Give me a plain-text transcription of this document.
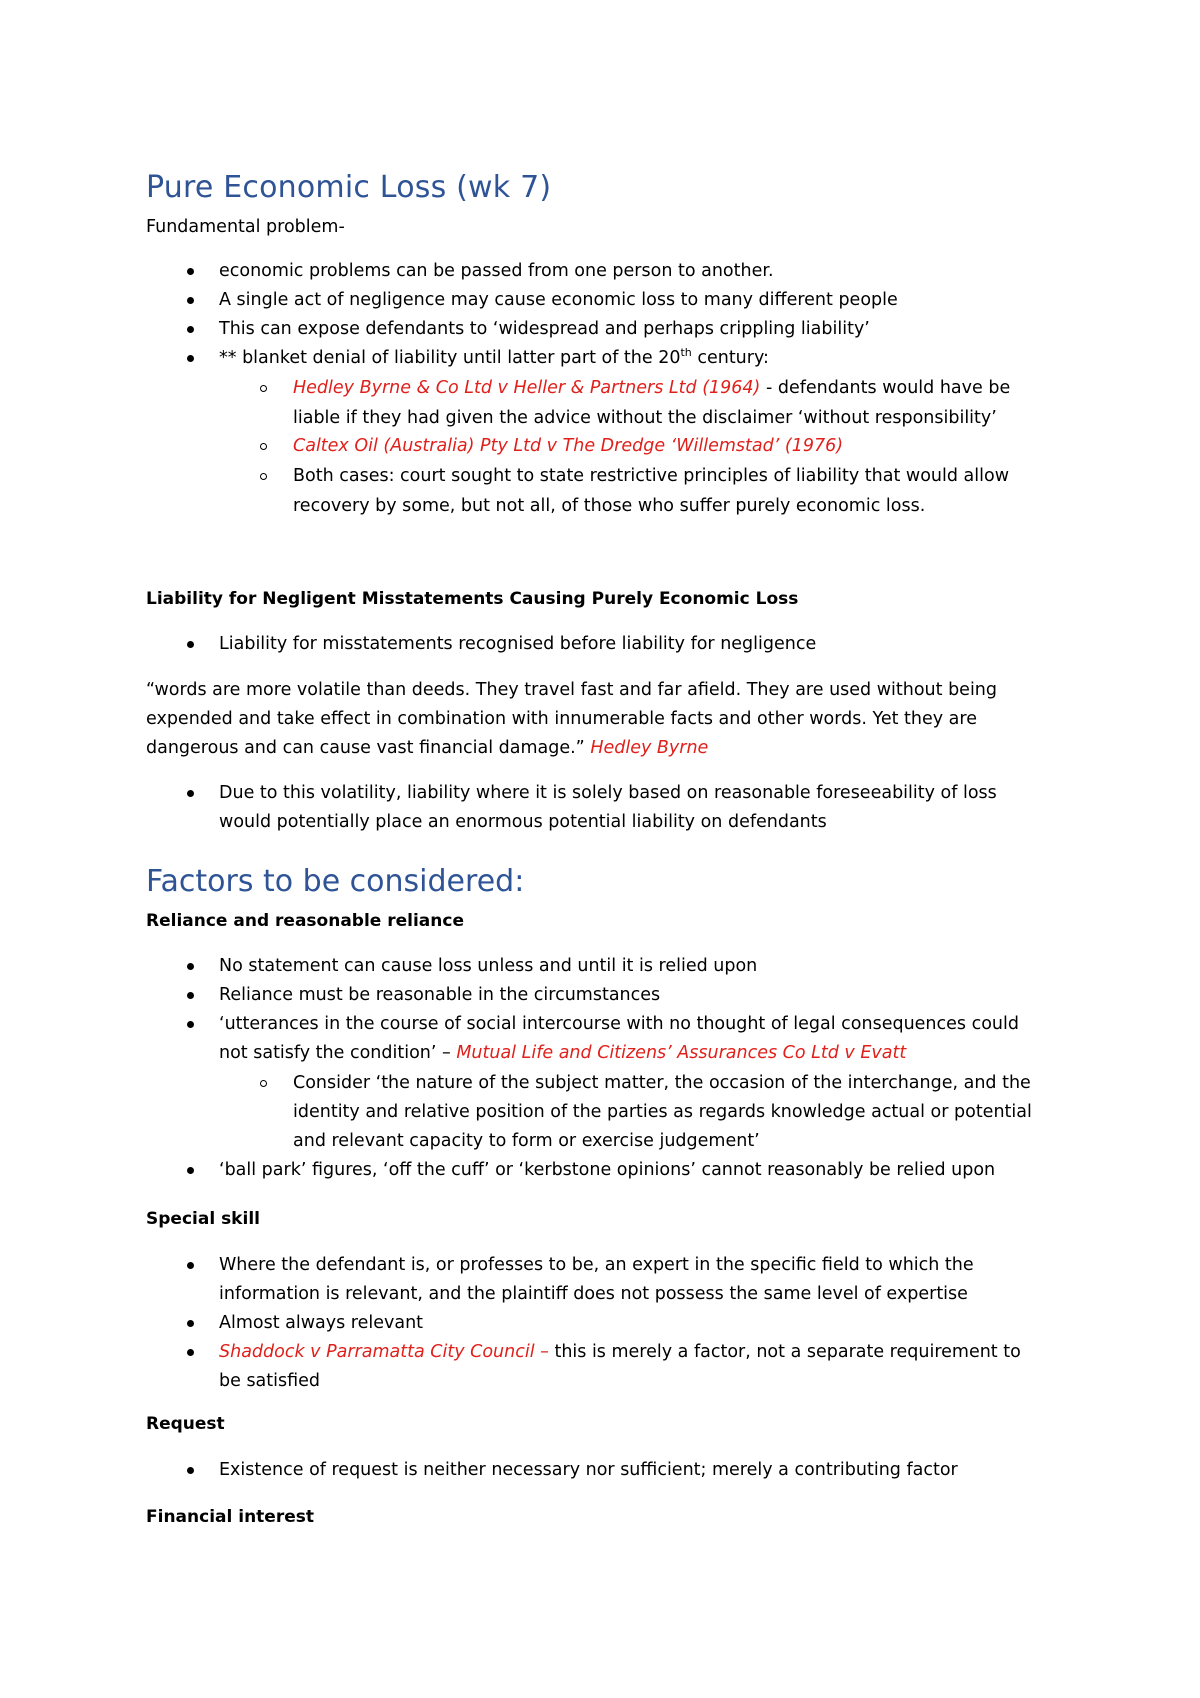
Pure Economic Loss (wk 7)
Fundamental problem-
economic problems can be passed from one person to another.
A single act of negligence may cause economic loss to many different people
This can expose defendants to ‘widespread and perhaps crippling liability’
** blanket denial of liability until latter part of the 20th century:
Hedley Byrne & Co Ltd v Heller & Partners Ltd (1964) - defendants would have be
liable if they had given the advice without the disclaimer ‘without responsibility’
Caltex Oil (Australia) Pty Ltd v The Dredge ‘Willemstad’ (1976)
Both cases: court sought to state restrictive principles of liability that would allow
recovery by some, but not all, of those who suffer purely economic loss.
Liability for Negligent Misstatements Causing Purely Economic Loss
Liability for misstatements recognised before liability for negligence
“words are more volatile than deeds. They travel fast and far afield. They are used without being
expended and take effect in combination with innumerable facts and other words. Yet they are
dangerous and can cause vast financial damage.” Hedley Byrne
Due to this volatility, liability where it is solely based on reasonable foreseeability of loss
would potentially place an enormous potential liability on defendants
Factors to be considered:
Reliance and reasonable reliance
No statement can cause loss unless and until it is relied upon
Reliance must be reasonable in the circumstances
‘utterances in the course of social intercourse with no thought of legal consequences could
not satisfy the condition’ – Mutual Life and Citizens’ Assurances Co Ltd v Evatt
Consider ‘the nature of the subject matter, the occasion of the interchange, and the
identity and relative position of the parties as regards knowledge actual or potential
and relevant capacity to form or exercise judgement’
‘ball park’ figures, ‘off the cuff’ or ‘kerbstone opinions’ cannot reasonably be relied upon
Special skill
Where the defendant is, or professes to be, an expert in the specific field to which the
information is relevant, and the plaintiff does not possess the same level of expertise
Almost always relevant
Shaddock v Parramatta City Council – this is merely a factor, not a separate requirement to
be satisfied
Request
Existence of request is neither necessary nor sufficient; merely a contributing factor
Financial interest
